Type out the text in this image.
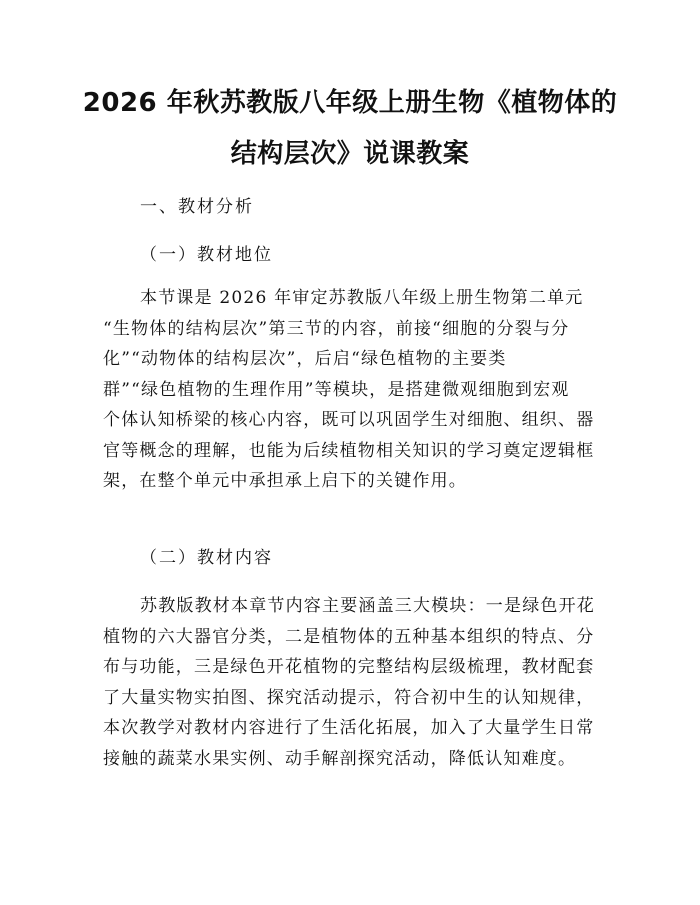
2026 年秋苏教版八年级上册生物《植物体的
结构层次》说课教案
一、教材分析
（一）教材地位
本节课是 2026 年审定苏教版八年级上册生物第二单元
“生物体的结构层次”第三节的内容，前接“细胞的分裂与分
化”“动物体的结构层次”，后启“绿色植物的主要类
群”“绿色植物的生理作用”等模块，是搭建微观细胞到宏观
个体认知桥梁的核心内容，既可以巩固学生对细胞、组织、器
官等概念的理解，也能为后续植物相关知识的学习奠定逻辑框
架，在整个单元中承担承上启下的关键作用。
（二）教材内容
苏教版教材本章节内容主要涵盖三大模块：一是绿色开花
植物的六大器官分类，二是植物体的五种基本组织的特点、分
布与功能，三是绿色开花植物的完整结构层级梳理，教材配套
了大量实物实拍图、探究活动提示，符合初中生的认知规律，
本次教学对教材内容进行了生活化拓展，加入了大量学生日常
接触的蔬菜水果实例、动手解剖探究活动，降低认知难度。
